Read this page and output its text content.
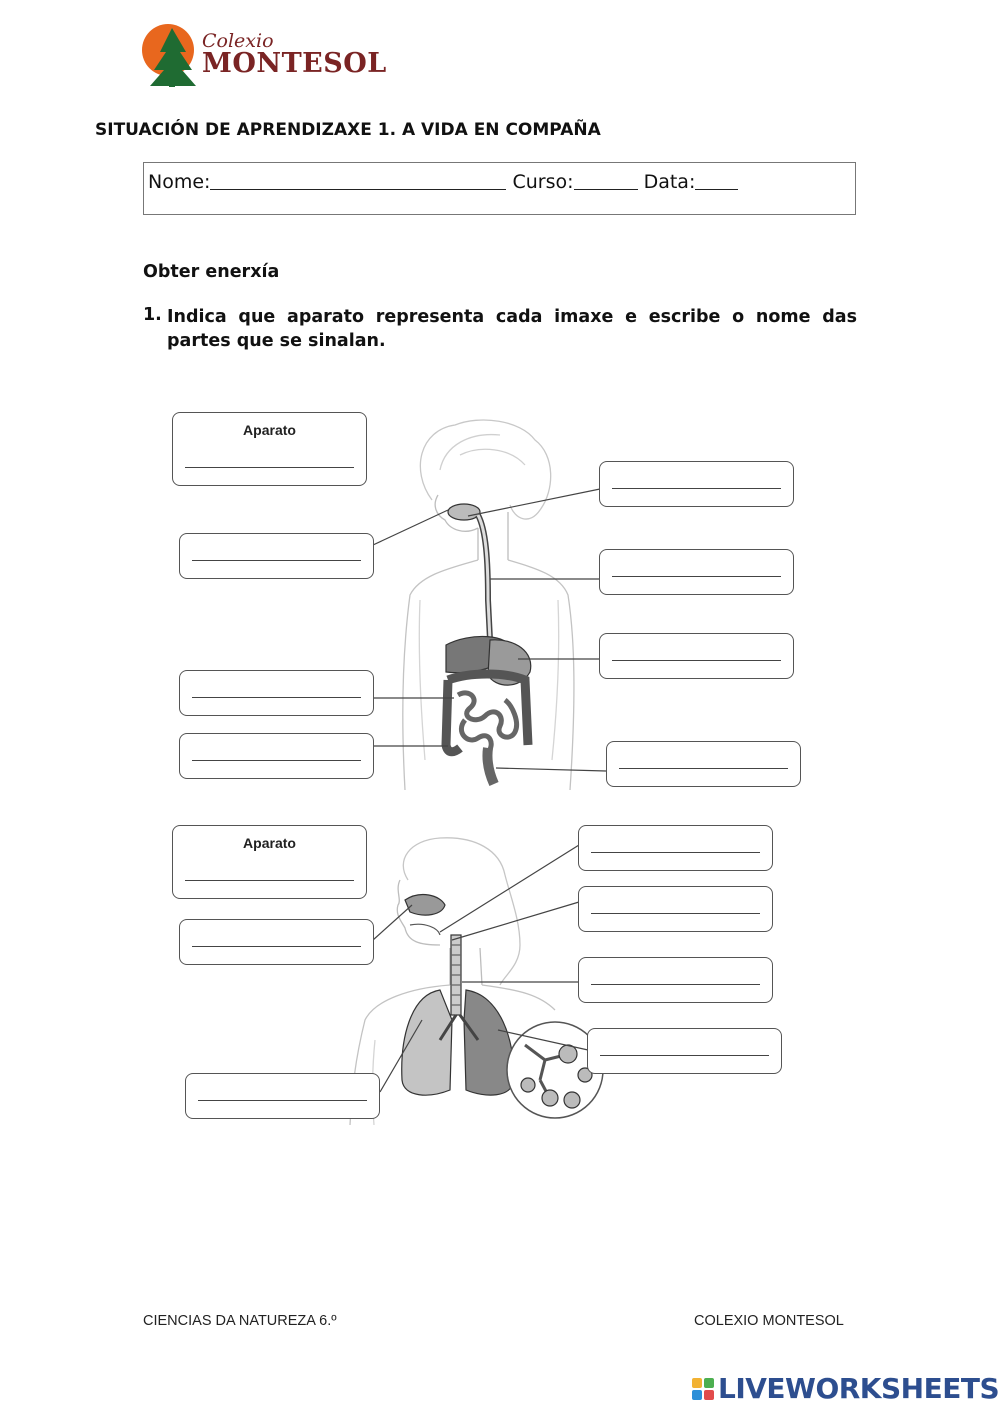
Colexio
MONTESOL
SITUACIÓN DE APRENDIZAXE 1. A VIDA EN COMPAÑA
Nome:	Curso:	Data:
Obter enerxía
1. Indica que aparato representa cada imaxe e escribe o nome das partes que se sinalan.
Aparato
Aparato
CIENCIAS DA NATUREZA 6.º	COLEXIO MONTESOL
LIVEWORKSHEETS
